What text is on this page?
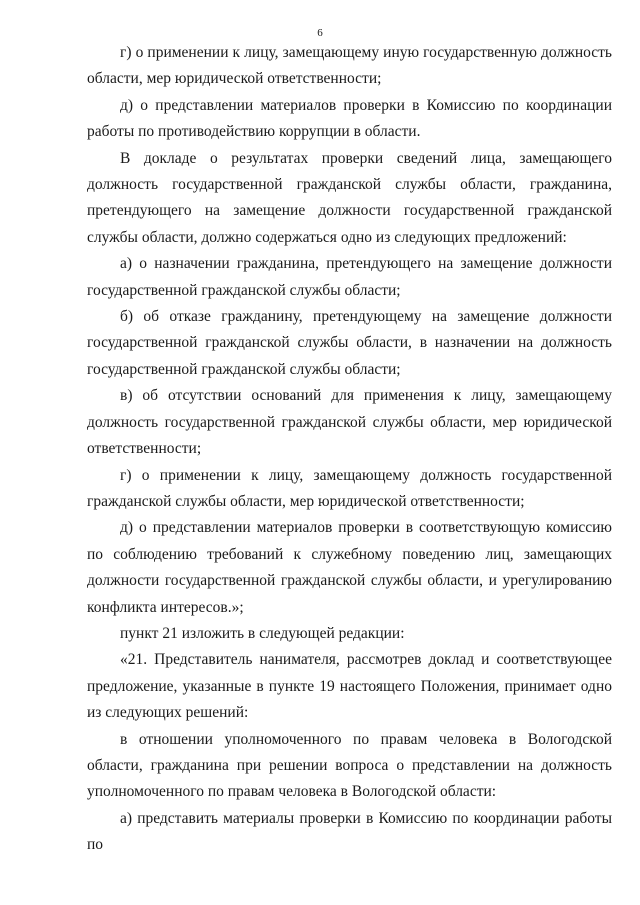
6

г) о применении к лицу, замещающему иную государственную должность области, мер юридической ответственности;

д) о представлении материалов проверки в Комиссию по координации работы по противодействию коррупции в области.

В докладе о результатах проверки сведений лица, замещающего должность государственной гражданской службы области, гражданина, претендующего на замещение должности государственной гражданской службы области, должно содержаться одно из следующих предложений:

а) о назначении гражданина, претендующего на замещение должности государственной гражданской службы области;

б) об отказе гражданину, претендующему на замещение должности государственной гражданской службы области, в назначении на должность государственной гражданской службы области;

в) об отсутствии оснований для применения к лицу, замещающему должность государственной гражданской службы области, мер юридической ответственности;

г) о применении к лицу, замещающему должность государственной гражданской службы области, мер юридической ответственности;

д) о представлении материалов проверки в соответствующую комиссию по соблюдению требований к служебному поведению лиц, замещающих должности государственной гражданской службы области, и урегулированию конфликта интересов.»;

пункт 21 изложить в следующей редакции:

«21. Представитель нанимателя, рассмотрев доклад и соответствующее предложение, указанные в пункте 19 настоящего Положения, принимает одно из следующих решений:

в отношении уполномоченного по правам человека в Вологодской области, гражданина при решении вопроса о представлении на должность уполномоченного по правам человека в Вологодской области:

а) представить материалы проверки в Комиссию по координации работы по
